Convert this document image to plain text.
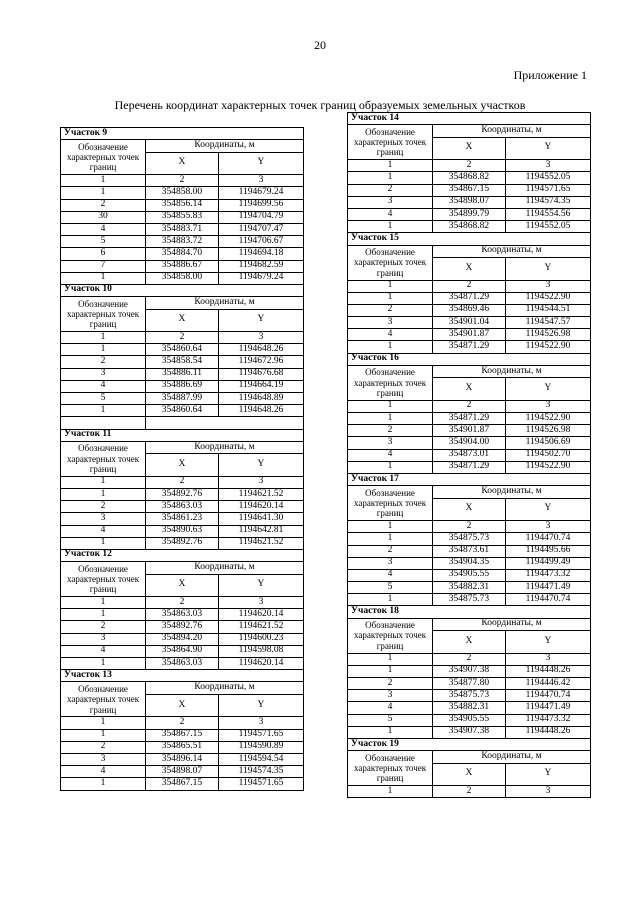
20
Приложение 1
Перечень координат характерных точек границ образуемых земельных участков
Участок 9		
Обозначение характерных точек границ	Координаты, м	
	X	Y
1	2	3
1	354858.00	1194679.24
2	354856.14	1194699.56
30	354855.83	1194704.79
4	354883.71	1194707.47
5	354883.72	1194706.67
6	354884.70	1194694.18
7	354886.67	1194682.59
1	354858.00	1194679.24
Участок 10		
Обозначение характерных точек границ	Координаты, м	
	X	Y
1	2	3
1	354860.64	1194648.26
2	354858.54	1194672.96
3	354886.11	1194676.68
4	354886.69	1194664.19
5	354887.99	1194648.89
1	354860.64	1194648.26

Участок 11		
Обозначение характерных точек границ	Координаты, м	
	X	Y
1	2	3
1	354892.76	1194621.52
2	354863.03	1194620.14
3	354861.23	1194641.30
4	354890.63	1194642.81
1	354892.76	1194621.52
Участок 12		
Обозначение характерных точек границ	Координаты, м	
	X	Y
1	2	3
1	354863.03	1194620.14
2	354892.76	1194621.52
3	354894.20	1194600.23
4	354864.90	1194598.08
1	354863.03	1194620.14
Участок 13		
Обозначение характерных точек границ	Координаты, м	
	X	Y
1	2	3
1	354867.15	1194571.65
2	354865.51	1194590.89
3	354896.14	1194594.54
4	354898.07	1194574.35
1	354867.15	1194571.65
Участок 14		
Обозначение характерных точек границ	Координаты, м	
	X	Y
1	2	3
1	354868.82	1194552.05
2	354867.15	1194571.65
3	354898.07	1194574.35
4	354899.79	1194554.56
1	354868.82	1194552.05
Участок 15		
Обозначение характерных точек границ	Координаты, м	
	X	Y
1	2	3
1	354871.29	1194522.90
2	354869.46	1194544.51
3	354901.04	1194547.57
4	354901.87	1194526.98
1	354871.29	1194522.90
Участок 16		
Обозначение характерных точек границ	Координаты, м	
	X	Y
1	2	3
1	354871.29	1194522.90
2	354901.87	1194526.98
3	354904.00	1194506.69
4	354873.01	1194502.70
1	354871.29	1194522.90
Участок 17		
Обозначение характерных точек границ	Координаты, м	
	X	Y
1	2	3
1	354875.73	1194470.74
2	354873.61	1194495.66
3	354904.35	1194499.49
4	354905.55	1194473.32
5	354882.31	1194471.49
1	354875.73	1194470.74
Участок 18		
Обозначение характерных точек границ	Координаты, м	
	X	Y
1	2	3
1	354907.38	1194448.26
2	354877.80	1194446.42
3	354875.73	1194470.74
4	354882.31	1194471.49
5	354905.55	1194473.32
1	354907.38	1194448.26
Участок 19		
Обозначение характерных точек границ	Координаты, м	
	X	Y
1	2	3
